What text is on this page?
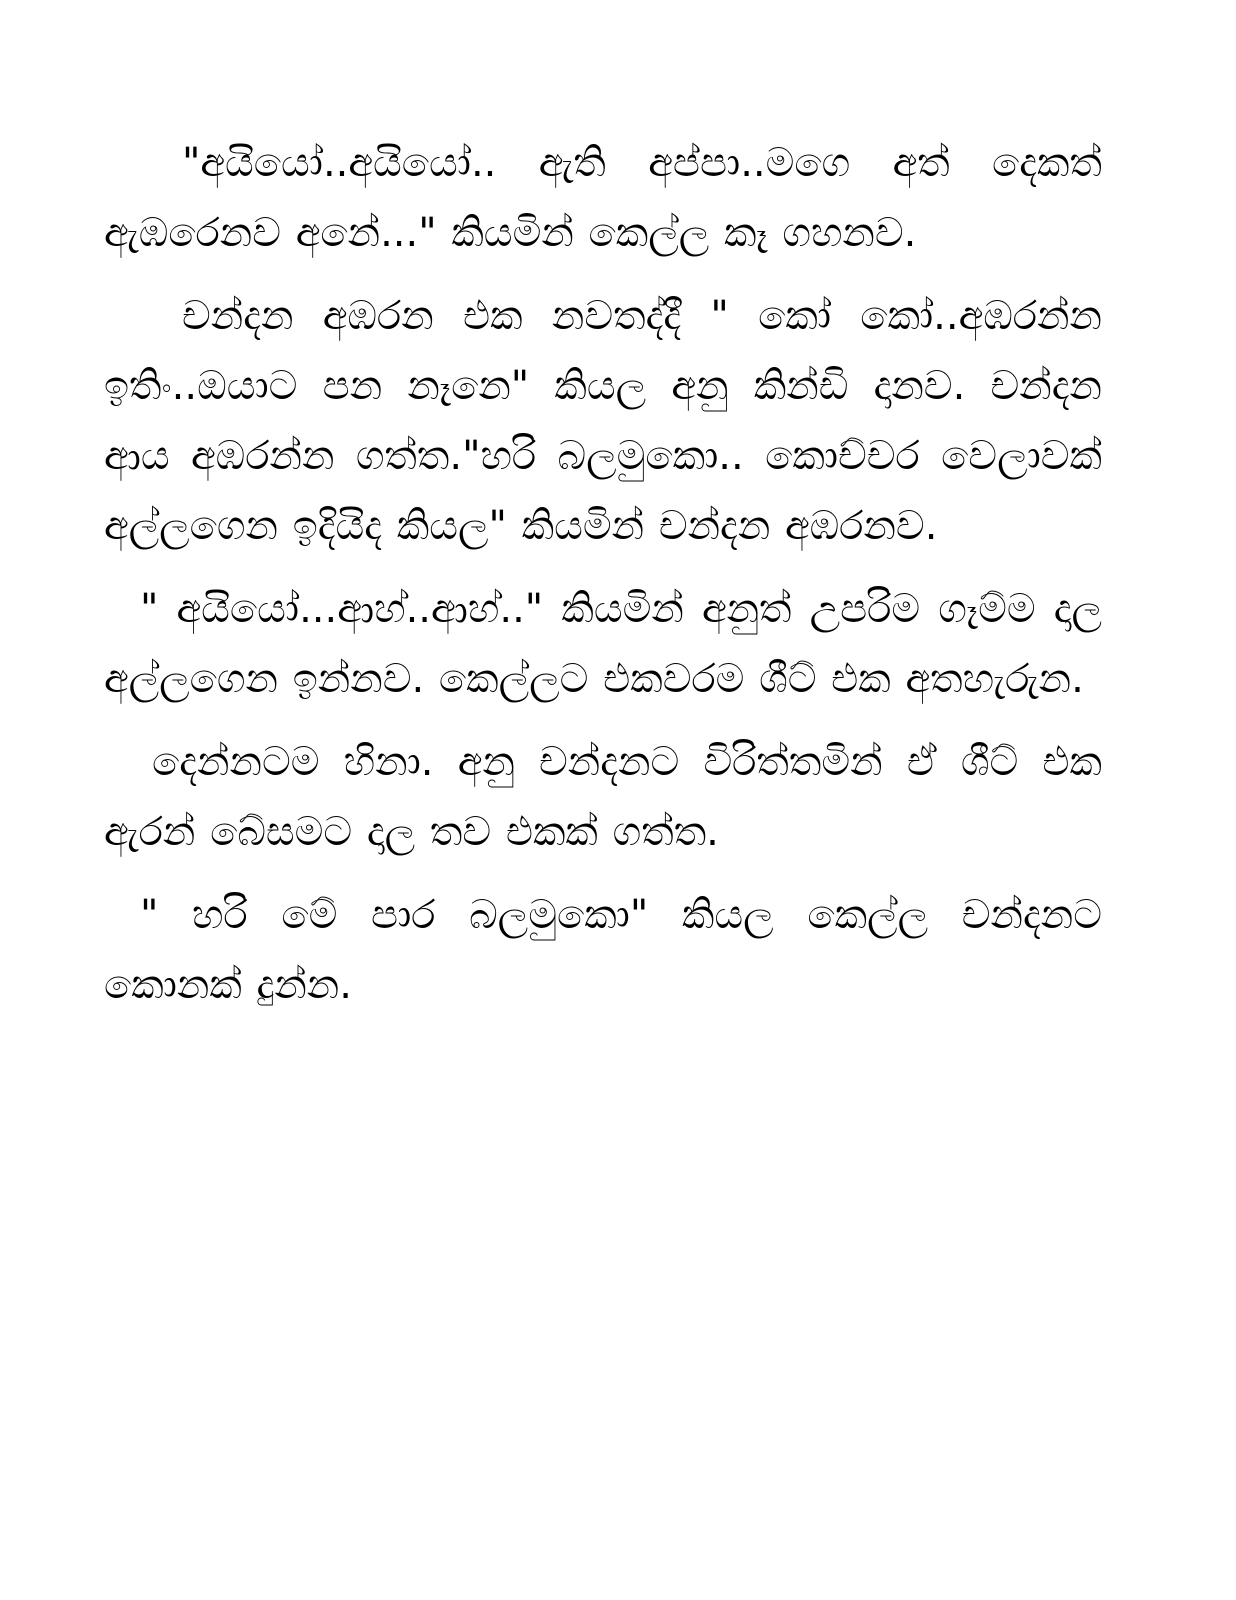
"අයියෝ..අයියෝ.. ඇති අප්පා..මගෙ අත් දෙකත් ඇඹරෙනව අනේ..." කියමින් කෙල්ල කෑ ගහනව.

චන්දන අඹරන එක නවතද්දී " කෝ කෝ..අඹරන්න ඉතිං..ඔයාට පන නෑනෙ" කියල අනු කින්ඩි දානව. චන්දන ආය අඹරන්න ගත්ත."හරි බලමුකො.. කොච්චර වෙලාවක් අල්ලගෙන ඉදියිද කියල" කියමින් චන්දන අඹරනව.

" අයියෝ...ආහ්..ආහ්.." කියමින් අනුත් උපරිම ගෑම්ම දාල අල්ලගෙන ඉන්නව. කෙල්ලට එකවරම ශීට් එක අතහැරුන.

දෙන්නටම හිනා. අනු චන්දනට විරිත්තමින් ඒ ශීට් එක ඇරන් බේසමට දාල තව එකක් ගත්ත.

" හරි මේ පාර බලමුකො" කියල කෙල්ල චන්දනට කොනක් දුන්න.
